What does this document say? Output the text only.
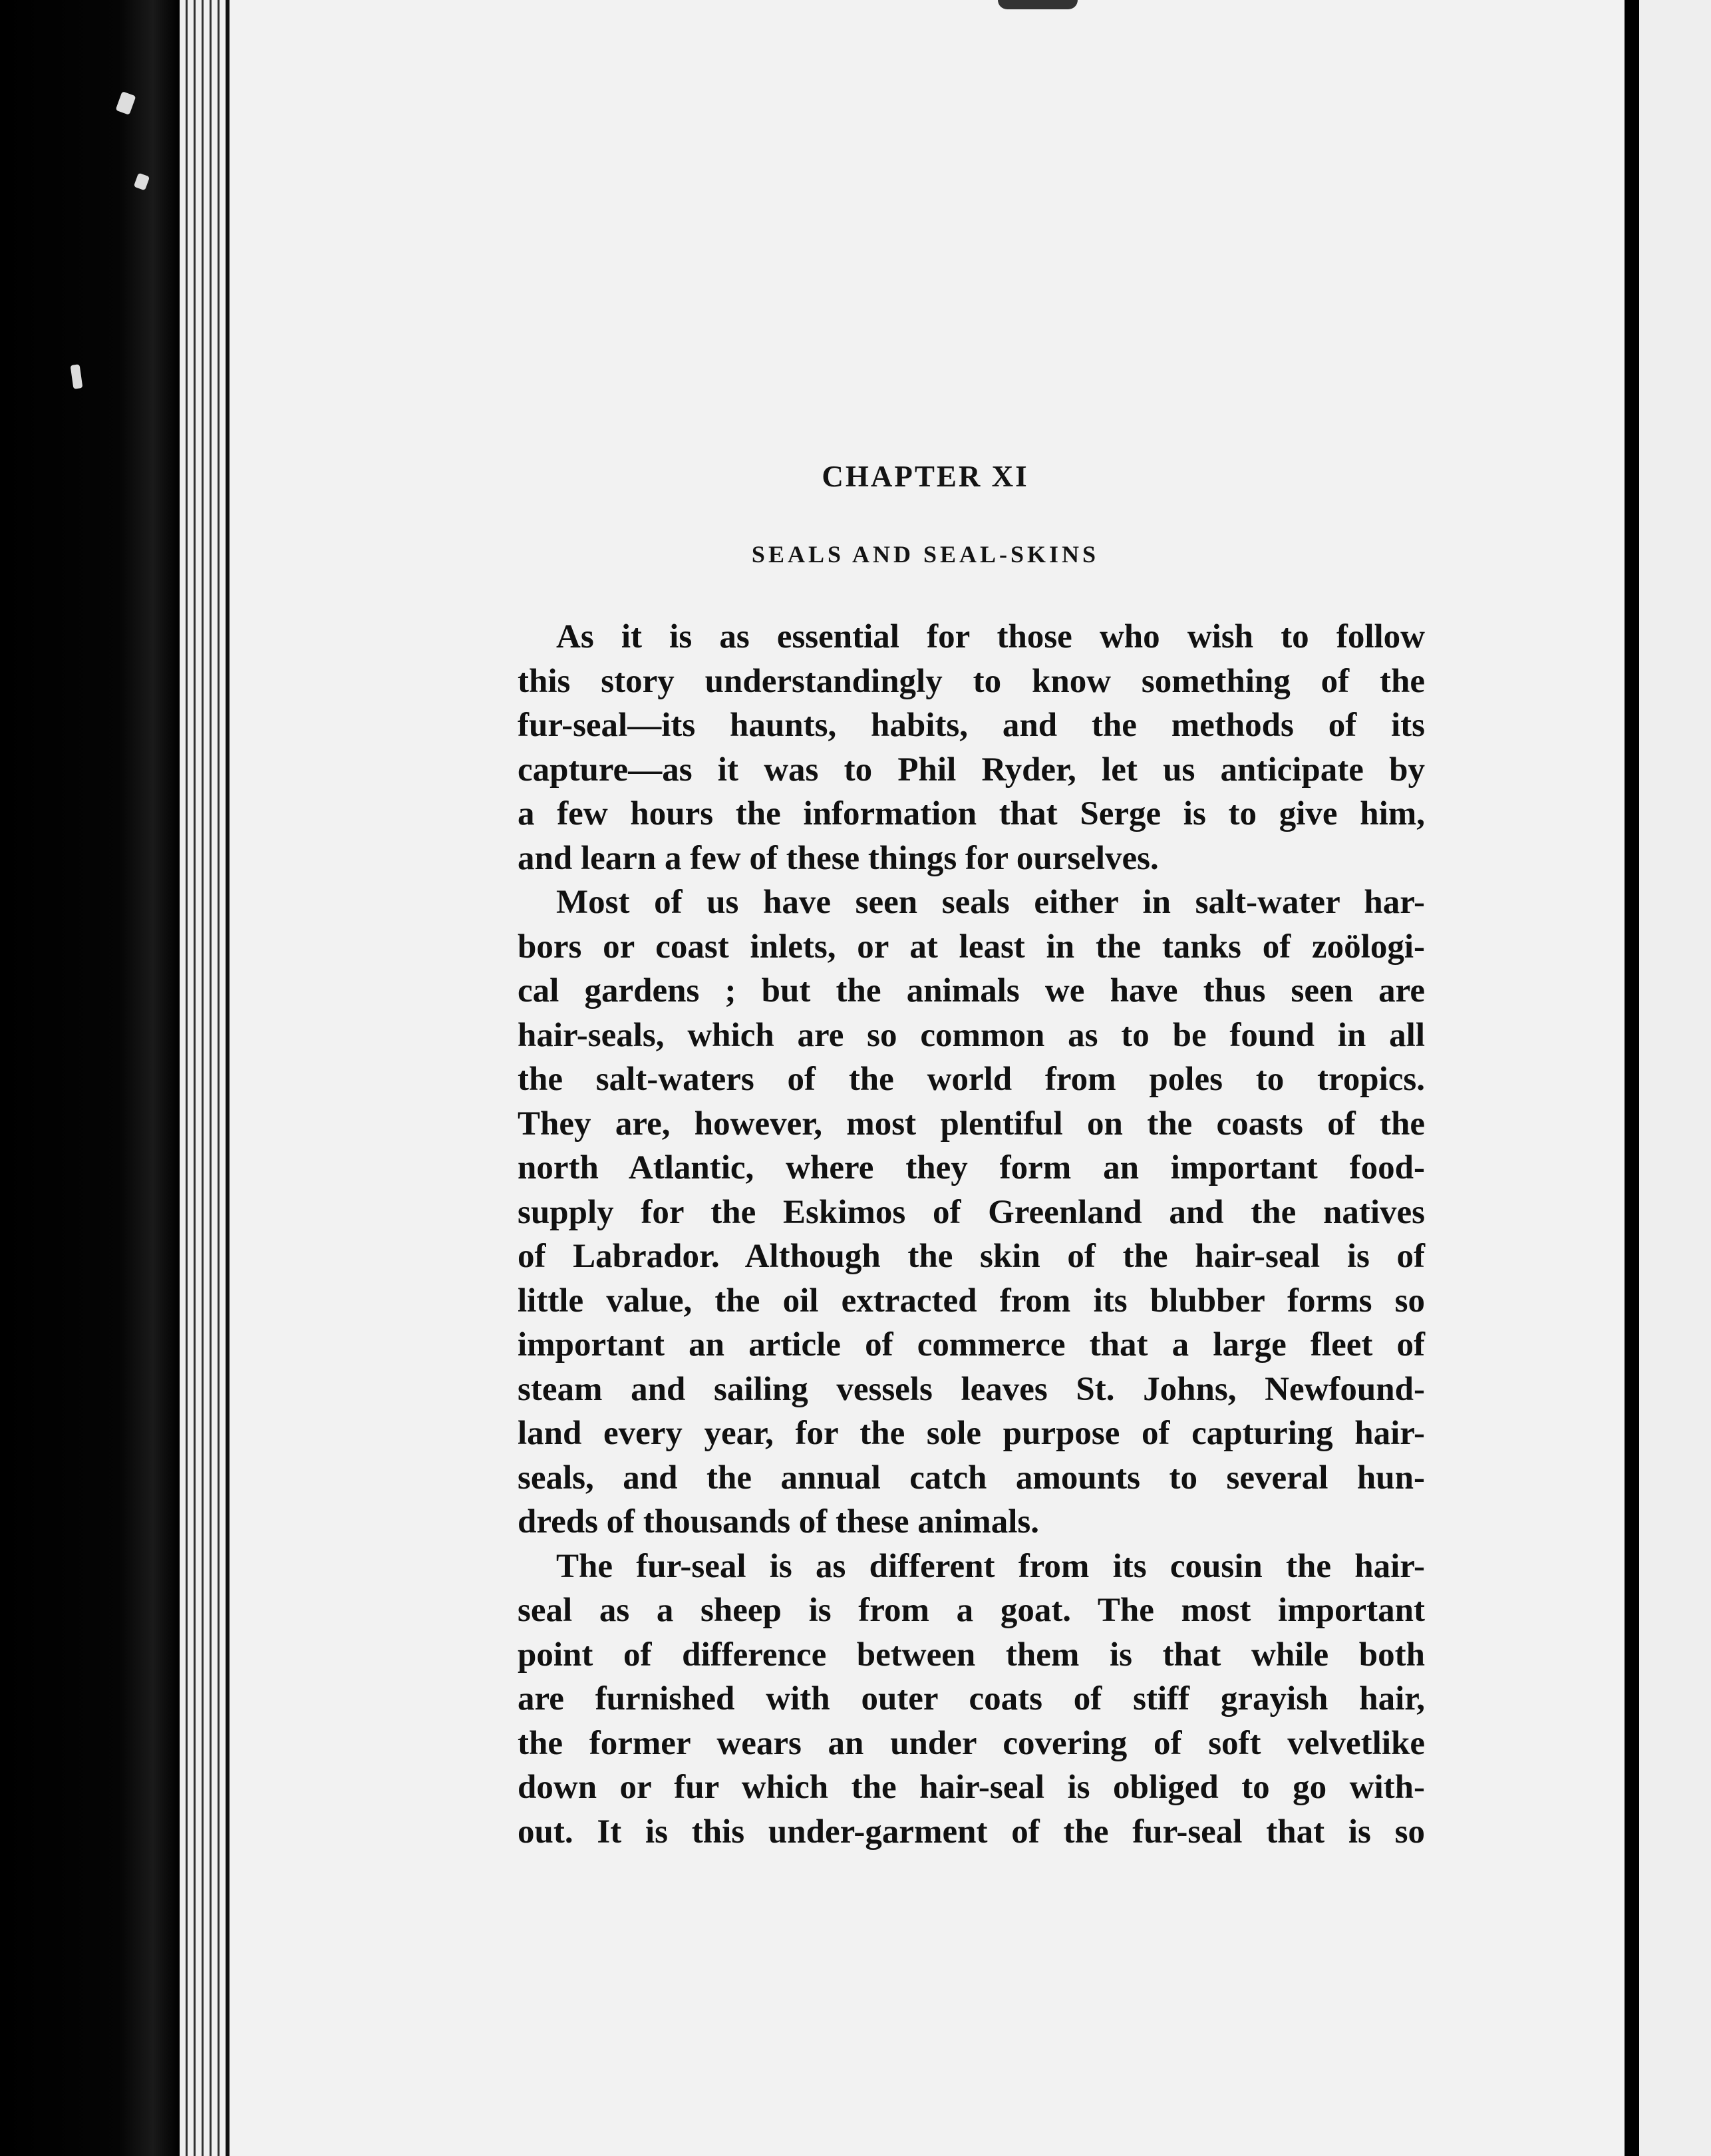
CHAPTER XI
SEALS AND SEAL-SKINS
As it is as essential for those who wish to follow
this story understandingly to know something of the
fur-seal—its haunts, habits, and the methods of its
capture—as it was to Phil Ryder, let us anticipate by
a few hours the information that Serge is to give him,
and learn a few of these things for ourselves.
Most of us have seen seals either in salt-water har-
bors or coast inlets, or at least in the tanks of zoölogi-
cal gardens ; but the animals we have thus seen are
hair-seals, which are so common as to be found in all
the salt-waters of the world from poles to tropics.
They are, however, most plentiful on the coasts of the
north Atlantic, where they form an important food-
supply for the Eskimos of Greenland and the natives
of Labrador. Although the skin of the hair-seal is of
little value, the oil extracted from its blubber forms so
important an article of commerce that a large fleet of
steam and sailing vessels leaves St. Johns, Newfound-
land every year, for the sole purpose of capturing hair-
seals, and the annual catch amounts to several hun-
dreds of thousands of these animals.
The fur-seal is as different from its cousin the hair-
seal as a sheep is from a goat. The most important
point of difference between them is that while both
are furnished with outer coats of stiff grayish hair,
the former wears an under covering of soft velvetlike
down or fur which the hair-seal is obliged to go with-
out. It is this under-garment of the fur-seal that is so
